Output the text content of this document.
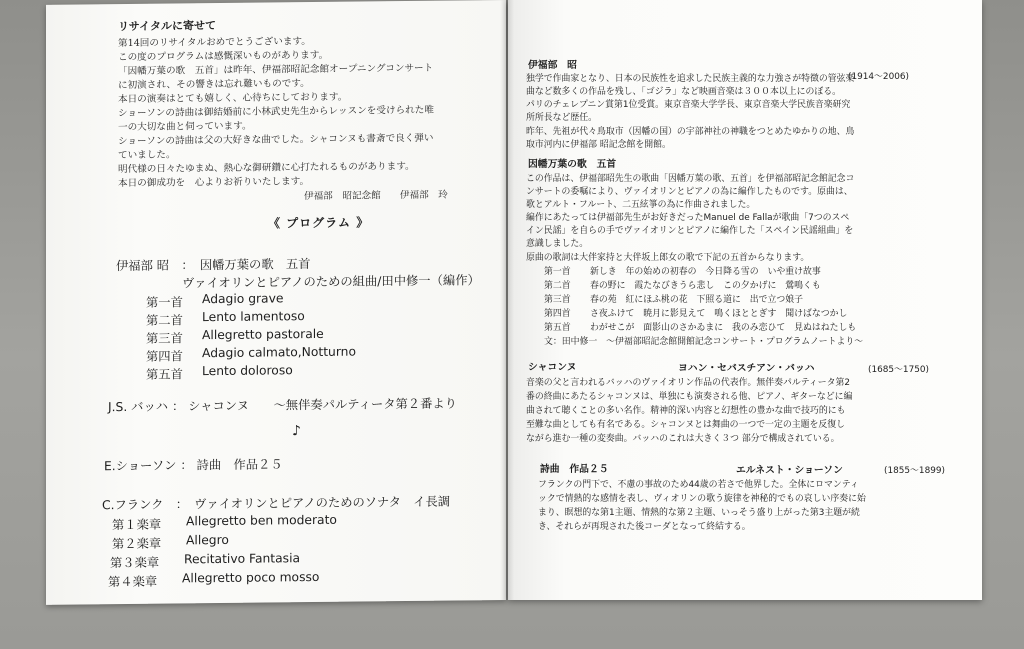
リサイタルに寄せて
第14回のリサイタルおめでとうございます。
この度のプログラムは感慨深いものがあります。
「因幡万葉の歌　五首」は昨年、伊福部昭記念館オープニングコンサート
に初演され、その響きは忘れ難いものです。
本日の演奏はとても嬉しく、心待ちにしております。
ショーソンの詩曲は御結婚前に小林武史先生からレッスンを受けられた唯
一の大切な曲と伺っています。
ショーソンの詩曲は父の大好きな曲でした。シャコンヌも書斎で良く弾い
ていました。
明代様の日々たゆまぬ、熱心な御研鑽に心打たれるものがあります。
本日の御成功を　心よりお祈りいたします。
伊福部　昭記念館　　伊福部　玲
《 プログラム 》
伊福部 昭　：　因幡万葉の歌　五首
ヴァイオリンとピアノのための組曲/田中修一（編作）
第一首 Adagio grave
第二首 Lento lamentoso
第三首 Allegretto pastorale
第四首 Adagio calmato,Notturno
第五首 Lento doloroso
J.S. バッハ ： シャコンヌ　　～無伴奏パルティータ第２番より
♪
E.ショーソン ： 詩曲　作品２５
C.フランク　：　ヴァイオリンとピアノのためのソナタ　イ長調
第１楽章 Allegretto ben moderato
第２楽章 Allegro
第３楽章 Recitativo Fantasia
第４楽章 Allegretto poco mosso
伊福部　昭
(1914～2006)
独学で作曲家となり、日本の民族性を追求した民族主義的な力強さが特徴の管弦楽
曲など数多くの作品を残し、「ゴジラ」など映画音楽は３００本以上にのぼる。
パリのチェレプニン賞第1位受賞。東京音楽大学学長、東京音楽大学民族音楽研究
所所長など歴任。
昨年、先祖が代々鳥取市（因幡の国）の宇部神社の神職をつとめたゆかりの地、鳥
取市河内に伊福部 昭記念館を開館。
因幡万葉の歌　五首
この作品は、伊福部昭先生の歌曲「因幡万葉の歌、五首」を伊福部昭記念館記念コ
ンサートの委嘱により、ヴァイオリンとピアノの為に編作したものです。原曲は、
歌とアルト・フルート、二五絃箏の為に作曲されました。
編作にあたっては伊福部先生がお好きだったManuel de Fallaが歌曲「7つのスペ
イン民謡」を自らの手でヴァイオリンとピアノに編作した「スペイン民謡組曲」を
意識しました。
原曲の歌詞は大伴家持と大伴坂上郎女の歌で下記の五首からなります。
第一首 新しき　年の始めの初春の　今日降る雪の　いや重け故事
第二首 春の野に　霞たなびきうら悲し　この夕かげに　鶯鳴くも
第三首 春の苑　紅にほふ桃の花　下照る道に　出で立つ娘子
第四首 さ夜ふけて　暁月に影見えて　鳴くほととぎす　聞けばなつかし
第五首 わがせこが　面影山のさかゐまに　我のみ恋ひて　見ぬはねたしも
文：田中修一　～伊福部昭記念館開館記念コンサート・プログラムノートより～
シャコンヌ	ヨハン・セバスチアン・バッハ	(1685～1750)
音楽の父と言われるバッハのヴァイオリン作品の代表作。無伴奏パルティータ第2
番の終曲にあたるシャコンヌは、単独にも演奏される他、ピアノ、ギターなどに編
曲されて聴くことの多い名作。精神的深い内容と幻想性の豊かな曲で技巧的にも
至難な曲としても有名である。シャコンヌとは舞曲の一つで一定の主題を反復し
ながら進む一種の変奏曲。バッハのこれは大きく３つ 部分で構成されている。
詩曲　作品２５	エルネスト・ショーソン	(1855～1899)
フランクの門下で、不慮の事故のため44歳の若さで他界した。全体にロマンティ
ックで情熱的な感情を表し、ヴィオリンの歌う旋律を神秘的でもの哀しい序奏に始
まり、瞑想的な第1主題、情熱的な第２主題、いっそう盛り上がった第3主題が続
き、それらが再現された後コーダとなって終結する。
